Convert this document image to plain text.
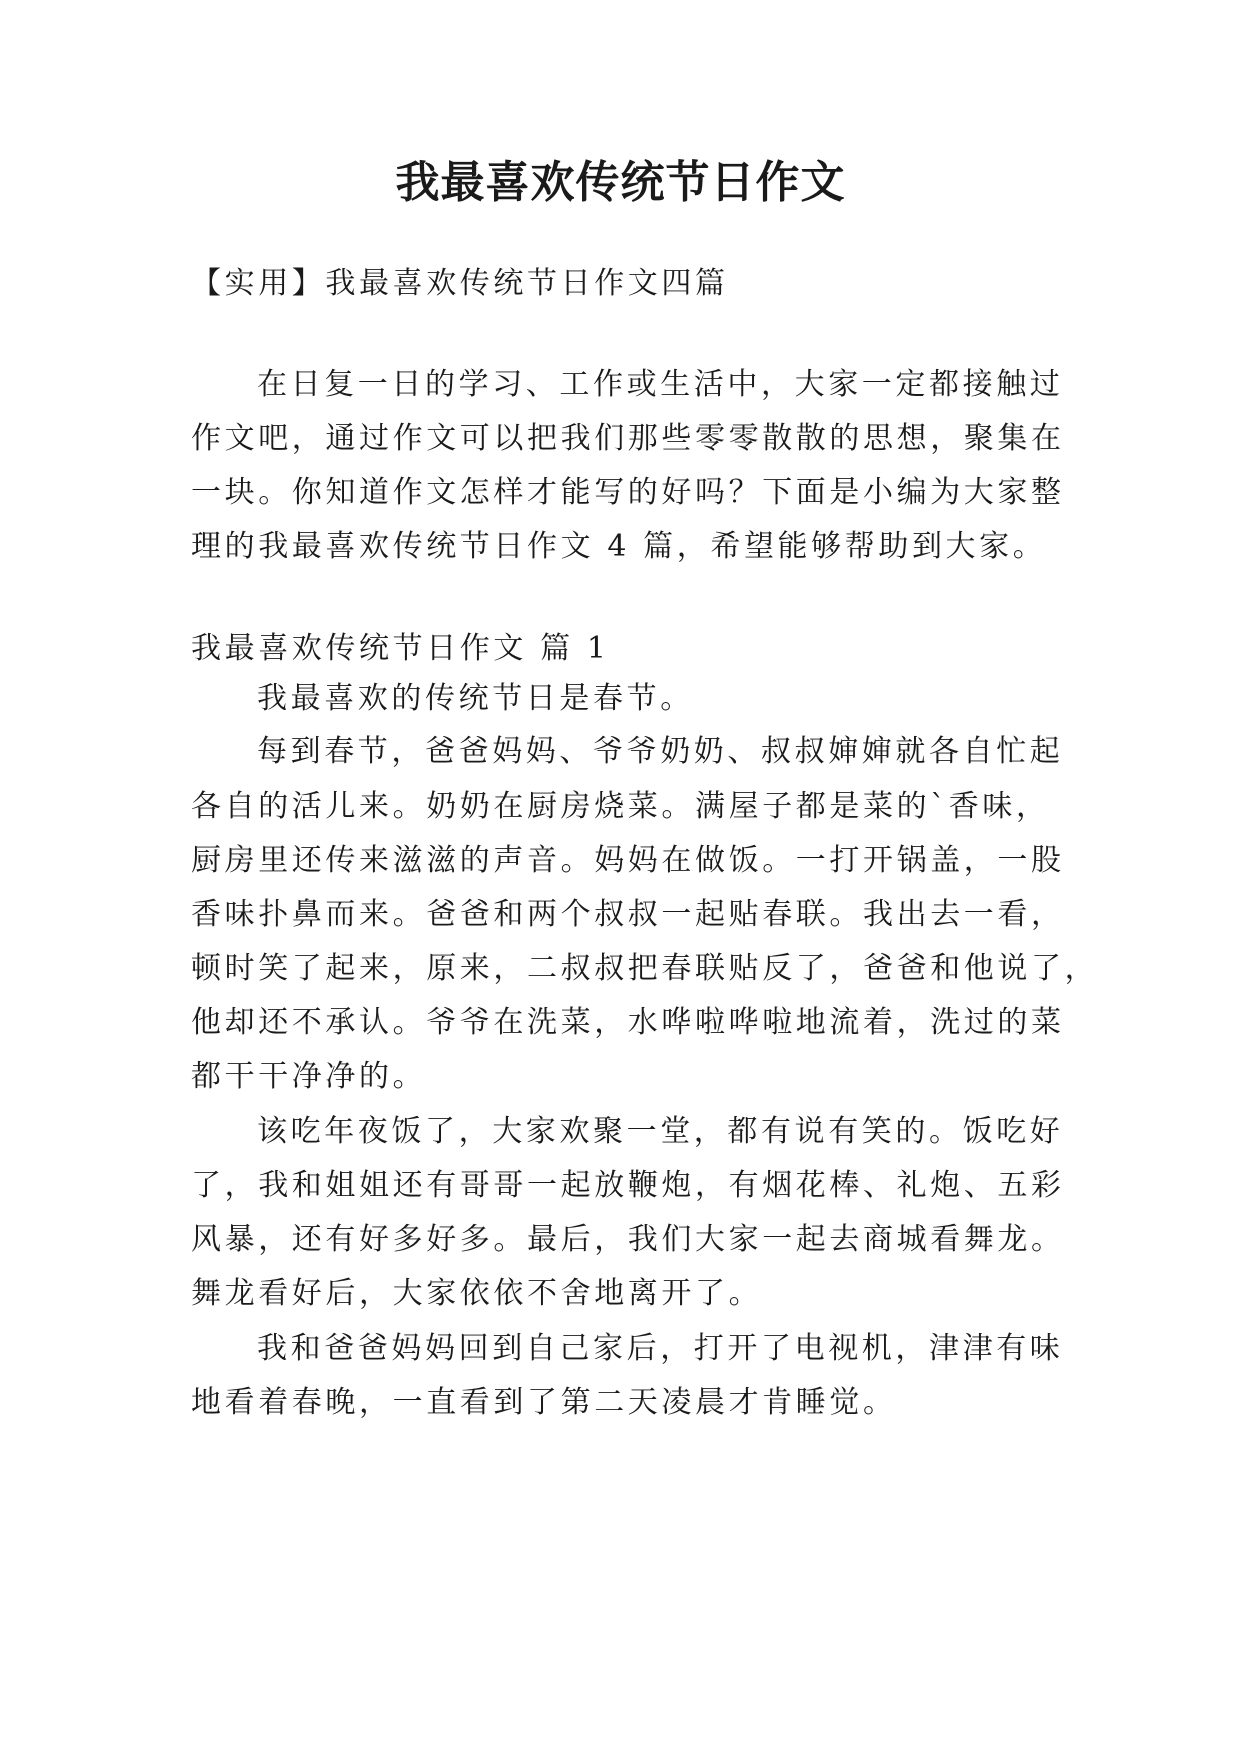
我最喜欢传统节日作文

【实用】我最喜欢传统节日作文四篇

在日复一日的学习、工作或生活中，大家一定都接触过

作文吧，通过作文可以把我们那些零零散散的思想，聚集在

一块。你知道作文怎样才能写的好吗？下面是小编为大家整

理的我最喜欢传统节日作文 4 篇，希望能够帮助到大家。

我最喜欢传统节日作文 篇 1

我最喜欢的传统节日是春节。

每到春节，爸爸妈妈、爷爷奶奶、叔叔婶婶就各自忙起

各自的活儿来。奶奶在厨房烧菜。满屋子都是菜的`香味，

厨房里还传来滋滋的声音。妈妈在做饭。一打开锅盖，一股

香味扑鼻而来。爸爸和两个叔叔一起贴春联。我出去一看，

顿时笑了起来，原来，二叔叔把春联贴反了，爸爸和他说了，

他却还不承认。爷爷在洗菜，水哗啦哗啦地流着，洗过的菜

都干干净净的。

该吃年夜饭了，大家欢聚一堂，都有说有笑的。饭吃好

了，我和姐姐还有哥哥一起放鞭炮，有烟花棒、礼炮、五彩

风暴，还有好多好多。最后，我们大家一起去商城看舞龙。

舞龙看好后，大家依依不舍地离开了。

我和爸爸妈妈回到自己家后，打开了电视机，津津有味

地看着春晚，一直看到了第二天凌晨才肯睡觉。
